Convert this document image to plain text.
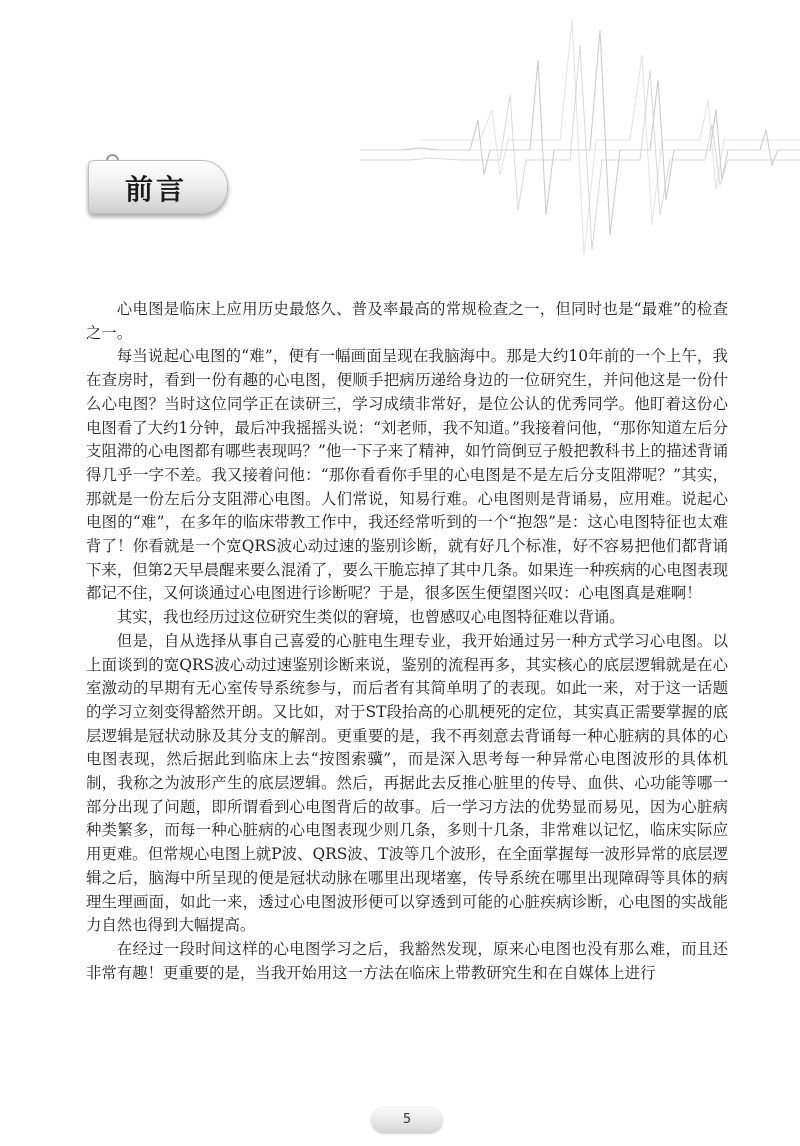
前言

心电图是临床上应用历史最悠久、普及率最高的常规检查之一，但同时也是“最难”的检查之一。

每当说起心电图的“难”，便有一幅画面呈现在我脑海中。那是大约10年前的一个上午，我在查房时，看到一份有趣的心电图，便顺手把病历递给身边的一位研究生，并问他这是一份什么心电图？当时这位同学正在读研三，学习成绩非常好，是位公认的优秀同学。他盯着这份心电图看了大约1分钟，最后冲我摇摇头说：“刘老师，我不知道。”我接着问他，“那你知道左后分支阻滞的心电图都有哪些表现吗？”他一下子来了精神，如竹筒倒豆子般把教科书上的描述背诵得几乎一字不差。我又接着问他：“那你看看你手里的心电图是不是左后分支阻滞呢？”其实，那就是一份左后分支阻滞心电图。人们常说，知易行难。心电图则是背诵易，应用难。说起心电图的“难”，在多年的临床带教工作中，我还经常听到的一个“抱怨”是：这心电图特征也太难背了！你看就是一个宽QRS波心动过速的鉴别诊断，就有好几个标准，好不容易把他们都背诵下来，但第2天早晨醒来要么混淆了，要么干脆忘掉了其中几条。如果连一种疾病的心电图表现都记不住，又何谈通过心电图进行诊断呢？于是，很多医生便望图兴叹：心电图真是难啊！

其实，我也经历过这位研究生类似的窘境，也曾感叹心电图特征难以背诵。

但是，自从选择从事自己喜爱的心脏电生理专业，我开始通过另一种方式学习心电图。以上面谈到的宽QRS波心动过速鉴别诊断来说，鉴别的流程再多，其实核心的底层逻辑就是在心室激动的早期有无心室传导系统参与，而后者有其简单明了的表现。如此一来，对于这一话题的学习立刻变得豁然开朗。又比如，对于ST段抬高的心肌梗死的定位，其实真正需要掌握的底层逻辑是冠状动脉及其分支的解剖。更重要的是，我不再刻意去背诵每一种心脏病的具体的心电图表现，然后据此到临床上去“按图索骥”，而是深入思考每一种异常心电图波形的具体机制，我称之为波形产生的底层逻辑。然后，再据此去反推心脏里的传导、血供、心功能等哪一部分出现了问题，即所谓看到心电图背后的故事。后一学习方法的优势显而易见，因为心脏病种类繁多，而每一种心脏病的心电图表现少则几条，多则十几条，非常难以记忆，临床实际应用更难。但常规心电图上就P波、QRS波、T波等几个波形，在全面掌握每一波形异常的底层逻辑之后，脑海中所呈现的便是冠状动脉在哪里出现堵塞，传导系统在哪里出现障碍等具体的病理生理画面，如此一来，透过心电图波形便可以穿透到可能的心脏疾病诊断，心电图的实战能力自然也得到大幅提高。

在经过一段时间这样的心电图学习之后，我豁然发现，原来心电图也没有那么难，而且还非常有趣！更重要的是，当我开始用这一方法在临床上带教研究生和在自媒体上进行

5
